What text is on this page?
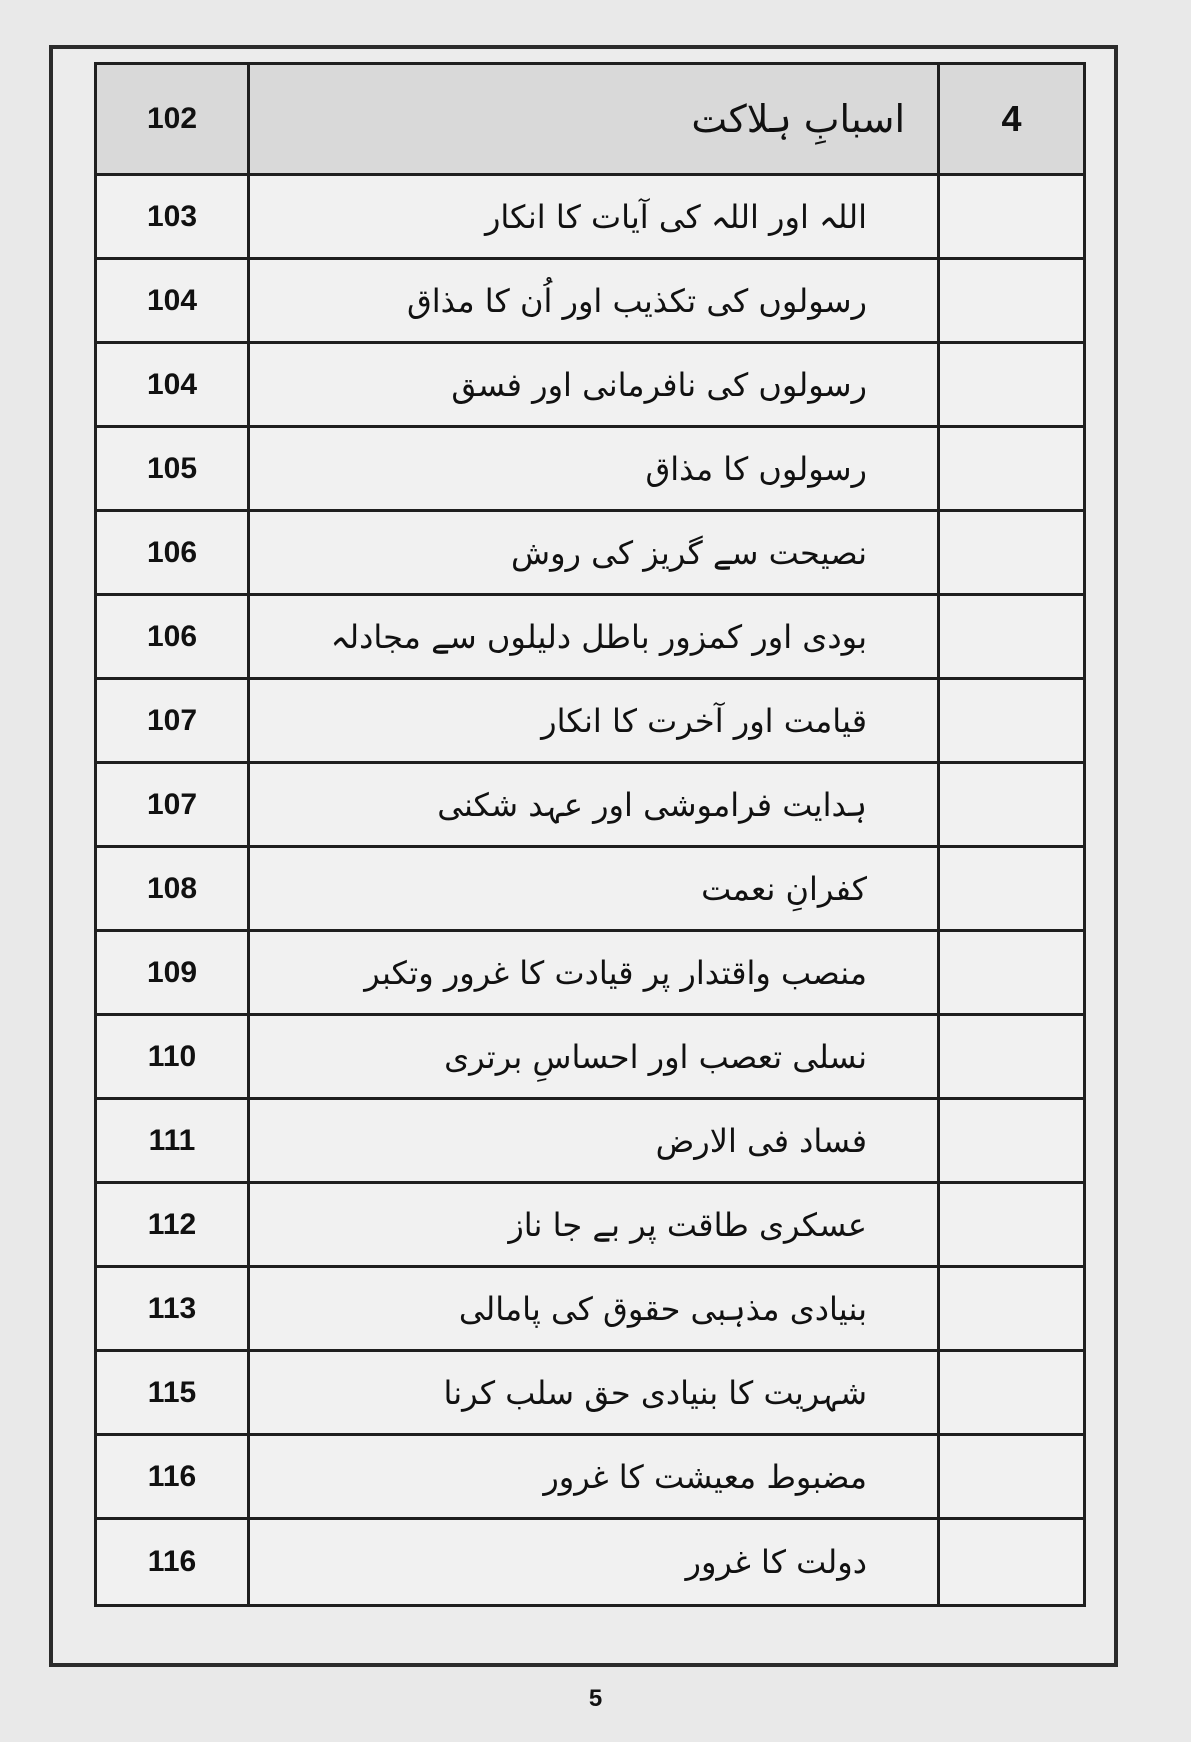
102	اسبابِ ہلاکت	4
103	اللہ اور اللہ کی آیات کا انکار
104	رسولوں کی تکذیب اور اُن کا مذاق
104	رسولوں کی نافرمانی اور فسق
105	رسولوں کا مذاق
106	نصیحت سے گریز کی روش
106	بودی اور کمزور باطل دلیلوں سے مجادلہ
107	قیامت اور آخرت کا انکار
107	ہدایت فراموشی اور عہد شکنی
108	کفرانِ نعمت
109	منصب واقتدار پر قیادت کا غرور وتکبر
110	نسلی تعصب اور احساسِ برتری
111	فساد فی الارض
112	عسکری طاقت پر بے جا ناز
113	بنیادی مذہبی حقوق کی پامالی
115	شہریت کا بنیادی حق سلب کرنا
116	مضبوط معیشت کا غرور
116	دولت کا غرور
5
